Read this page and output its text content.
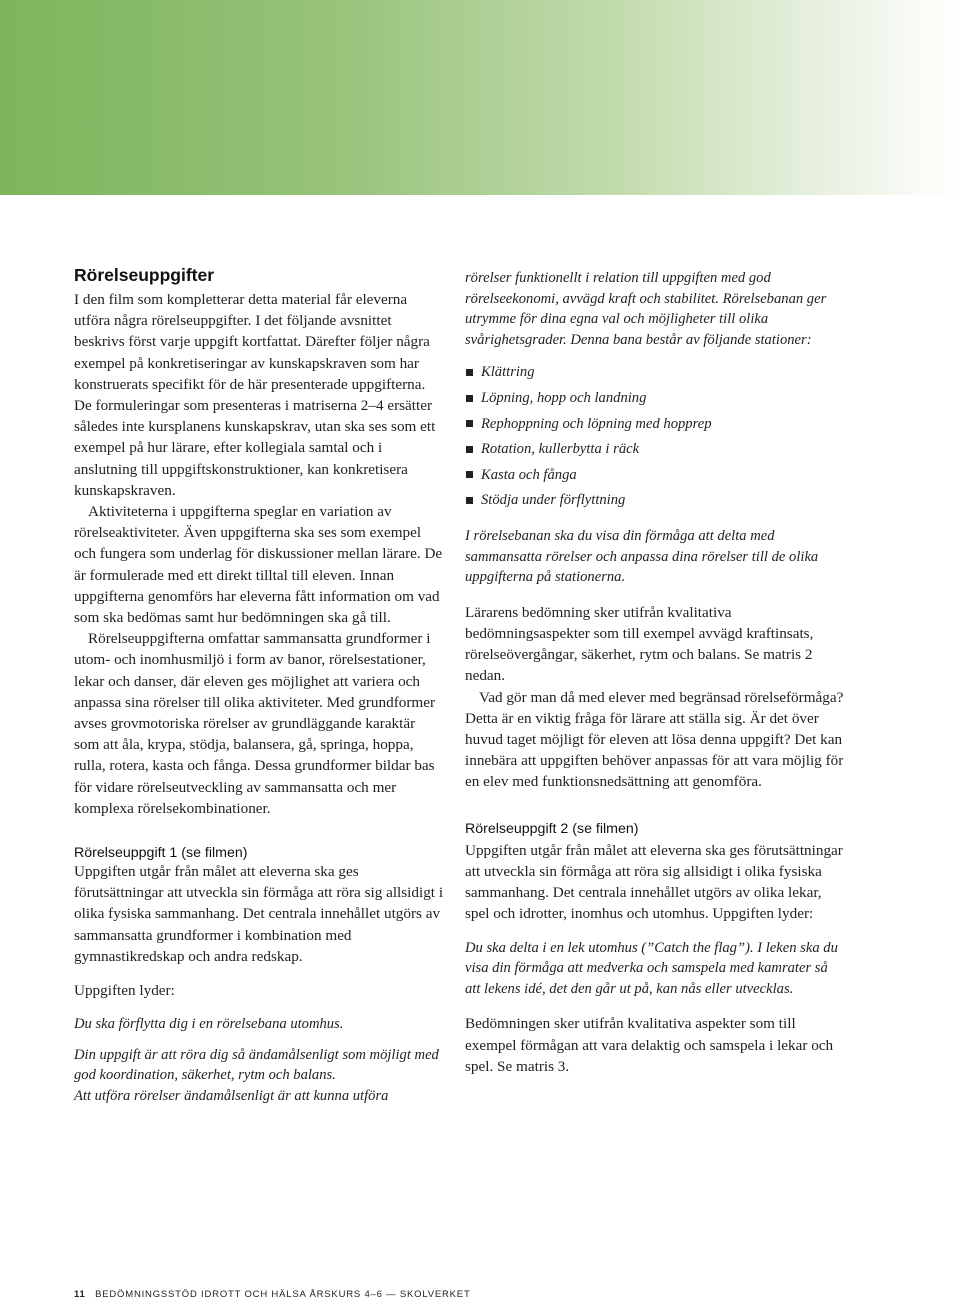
Rörelseuppgifter

I den film som kompletterar detta material får eleverna utföra några rörelseuppgifter. I det följande avsnittet beskrivs först varje uppgift kortfattat. Därefter följer några exempel på konkretiseringar av kunskapskraven som har konstruerats specifikt för de här presenterade uppgifterna. De formuleringar som presenteras i matriserna 2–4 ersätter således inte kursplanens kunskapskrav, utan ska ses som ett exempel på hur lärare, efter kollegiala samtal och i anslutning till uppgiftskonstruktioner, kan konkretisera kunskapskraven.

Aktiviteterna i uppgifterna speglar en variation av rörelseaktiviteter. Även uppgifterna ska ses som exempel och fungera som underlag för diskussioner mellan lärare. De är formulerade med ett direkt tilltal till eleven. Innan uppgifterna genomförs har eleverna fått information om vad som ska bedömas samt hur bedömningen ska gå till.

Rörelseuppgifterna omfattar sammansatta grundformer i utom- och inomhusmiljö i form av banor, rörelsestationer, lekar och danser, där eleven ges möjlighet att variera och anpassa sina rörelser till olika aktiviteter. Med grundformer avses grovmotoriska rörelser av grundläggande karaktär som att åla, krypa, stödja, balansera, gå, springa, hoppa, rulla, rotera, kasta och fånga. Dessa grundformer bildar bas för vidare rörelseutveckling av sammansatta och mer komplexa rörelsekombinationer.

Rörelseuppgift 1 (se filmen)

Uppgiften utgår från målet att eleverna ska ges förutsättningar att utveckla sin förmåga att röra sig allsidigt i olika fysiska sammanhang. Det centrala innehållet utgörs av sammansatta grundformer i kombination med gymnastikredskap och andra redskap.

Uppgiften lyder:

Du ska förflytta dig i en rörelsebana utomhus.

Din uppgift är att röra dig så ändamålsenligt som möjligt med god koordination, säkerhet, rytm och balans.

Att utföra rörelser ändamålsenligt är att kunna utföra

rörelser funktionellt i relation till uppgiften med god rörelseekonomi, avvägd kraft och stabilitet. Rörelsebanan ger utrymme för dina egna val och möjligheter till olika svårighetsgrader. Denna bana består av följande stationer:

Klättring
Löpning, hopp och landning
Rephoppning och löpning med hopprep
Rotation, kullerbytta i räck
Kasta och fånga
Stödja under förflyttning

I rörelsebanan ska du visa din förmåga att delta med sammansatta rörelser och anpassa dina rörelser till de olika uppgifterna på stationerna.

Lärarens bedömning sker utifrån kvalitativa bedömningsaspekter som till exempel avvägd kraftinsats, rörelseövergångar, säkerhet, rytm och balans. Se matris 2 nedan.

Vad gör man då med elever med begränsad rörelseförmåga? Detta är en viktig fråga för lärare att ställa sig. Är det över huvud taget möjligt för eleven att lösa denna uppgift? Det kan innebära att uppgiften behöver anpassas för att vara möjlig för en elev med funktionsnedsättning att genomföra.

Rörelseuppgift 2 (se filmen)

Uppgiften utgår från målet att eleverna ska ges förutsättningar att utveckla sin förmåga att röra sig allsidigt i olika fysiska sammanhang. Det centrala innehållet utgörs av olika lekar, spel och idrotter, inomhus och utomhus. Uppgiften lyder:

Du ska delta i en lek utomhus (”Catch the flag”). I leken ska du visa din förmåga att medverka och samspela med kamrater så att lekens idé, det den går ut på, kan nås eller utvecklas.

Bedömningen sker utifrån kvalitativa aspekter som till exempel förmågan att vara delaktig och samspela i lekar och spel. Se matris 3.

11 BEDÖMNINGSSTÖD IDROTT OCH HÄLSA ÅRSKURS 4–6 — SKOLVERKET
